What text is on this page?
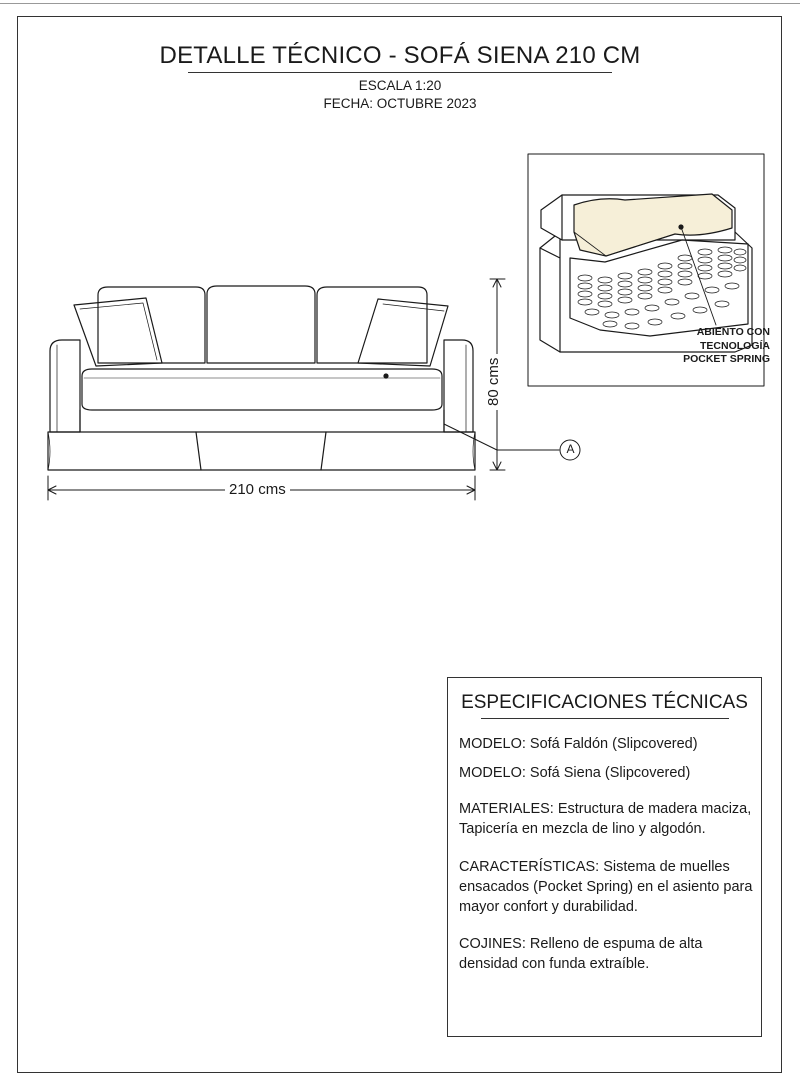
DETALLE TÉCNICO - SOFÁ SIENA 210 CM
ESCALA 1:20
FECHA: OCTUBRE 2023
210 cms
80 cms
A
ABIENTO CON
TECNOLOGÍA
POCKET SPRING
ESPECIFICACIONES TÉCNICAS
MODELO: Sofá Faldón (Slipcovered)
MODELO: Sofá Siena (Slipcovered)
MATERIALES: Estructura de madera maciza, Tapicería en mezcla de lino y algodón.
CARACTERÍSTICAS: Sistema de muelles ensacados (Pocket Spring) en el asiento para mayor confort y durabilidad.
COJINES: Relleno de espuma de alta densidad con funda extraíble.
